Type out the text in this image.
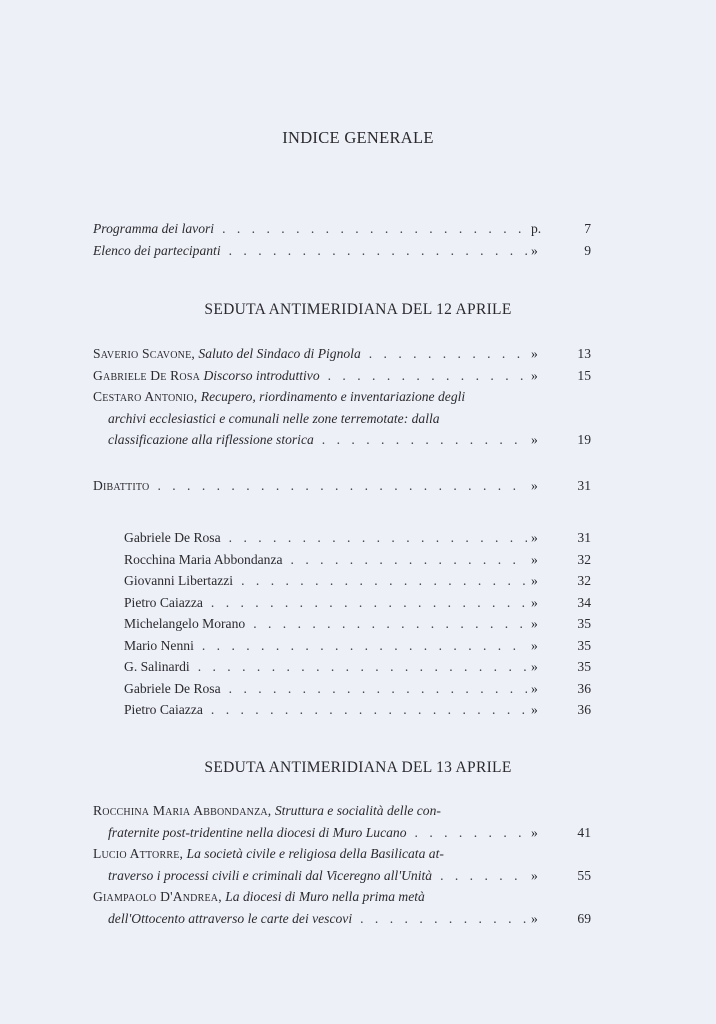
INDICE GENERALE
Programma dei lavori . . .	p.	7
Elenco dei partecipanti . . .	»	9
SEDUTA ANTIMERIDIANA DEL 12 APRILE
Saverio Scavone, Saluto del Sindaco di Pignola . . .	»	13
Gabriele De Rosa Discorso introduttivo . . .	»	15
Cestaro Antonio, Recupero, riordinamento e inventariazione degli
archivi ecclesiastici e comunali nelle zone terremotate: dalla
classificazione alla riflessione storica . . .	»	19
Dibattito . . .	»	31
Gabriele De Rosa . . .	»	31
Rocchina Maria Abbondanza . . .	»	32
Giovanni Libertazzi . . .	»	32
Pietro Caiazza . . .	»	34
Michelangelo Morano . . .	»	35
Mario Nenni . . .	»	35
G. Salinardi . . .	»	35
Gabriele De Rosa . . .	»	36
Pietro Caiazza . . .	»	36
SEDUTA ANTIMERIDIANA DEL 13 APRILE
Rocchina Maria Abbondanza, Struttura e socialità delle con-
fraternite post-tridentine nella diocesi di Muro Lucano . . .	»	41
Lucio Attorre, La società civile e religiosa della Basilicata at-
traverso i processi civili e criminali dal Viceregno all'Unità . . .	»	55
Giampaolo D'Andrea, La diocesi di Muro nella prima metà
dell'Ottocento attraverso le carte dei vescovi . . .	»	69
